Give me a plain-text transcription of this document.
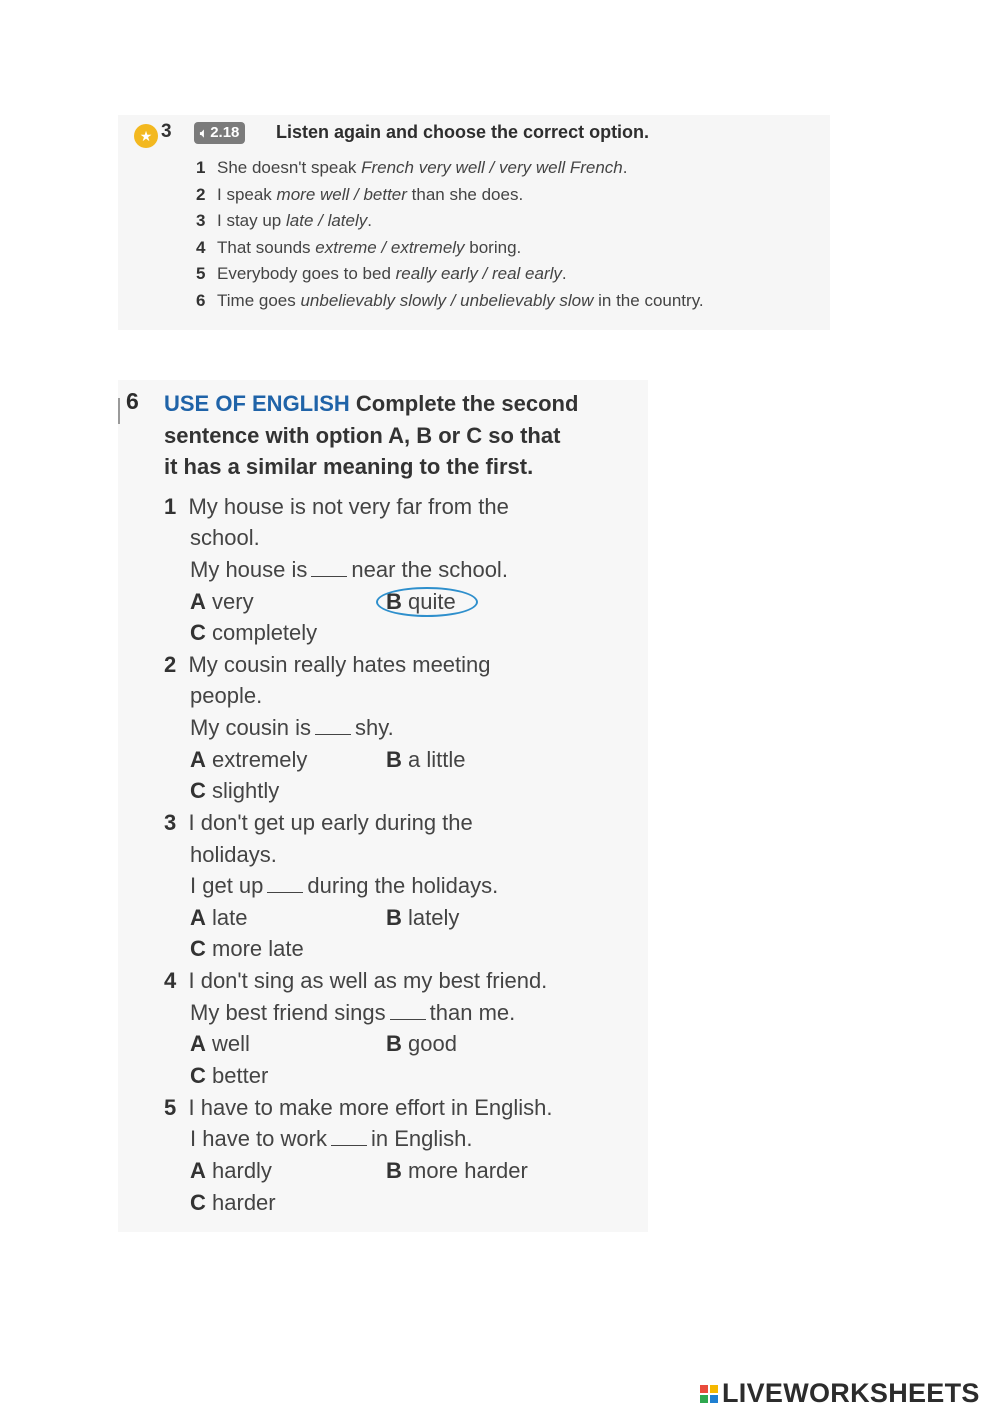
★ 3 🔈︎ 2.18 Listen again and choose the correct option.
1 She doesn't speak French very well / very well French.
2 I speak more well / better than she does.
3 I stay up late / lately.
4 That sounds extreme / extremely boring.
5 Everybody goes to bed really early / real early.
6 Time goes unbelievably slowly / unbelievably slow in the country.
6 USE OF ENGLISH Complete the second
sentence with option A, B or C so that
it has a similar meaning to the first.
1 My house is not very far from the
school.
My house is near the school.
A very	B quite
C completely
2 My cousin really hates meeting
people.
My cousin is shy.
A extremely	B a little
C slightly
3 I don't get up early during the
holidays.
I get up during the holidays.
A late	B lately
C more late
4 I don't sing as well as my best friend.
My best friend sings than me.
A well	B good
C better
5 I have to make more effort in English.
I have to work in English.
A hardly	B more harder
C harder
LIVEWORKSHEETS
